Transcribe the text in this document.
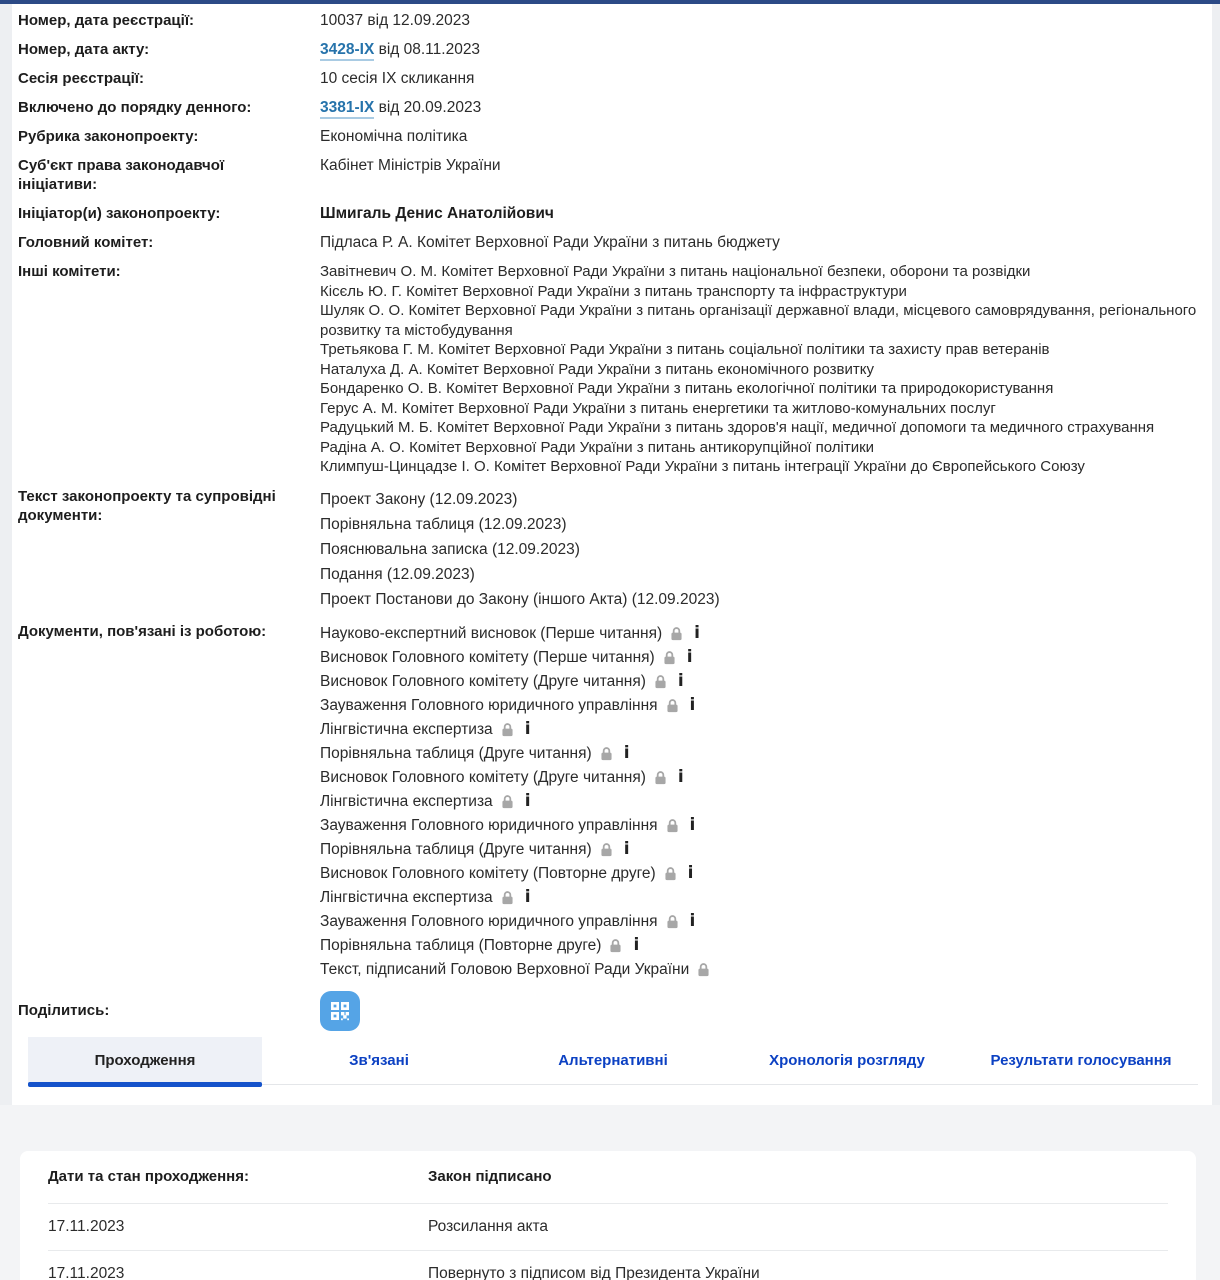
Номер, дата реєстрації:	10037 від 12.09.2023
Номер, дата акту:	3428-IX від 08.11.2023
Сесія реєстрації:	10 сесія IX скликання
Включено до порядку денного:	3381-IX від 20.09.2023
Рубрика законопроекту:	Економічна політика
Суб'єкт права законодавчої ініціативи:
Кабінет Міністрів України
Ініціатор(и) законопроекту:	Шмигаль Денис Анатолійович
Головний комітет:	Підласа Р. А. Комітет Верховної Ради України з питань бюджету
Інші комітети:	Завітневич О. М. Комітет Верховної Ради України з питань національної безпеки, оборони та розвідки
Кісєль Ю. Г. Комітет Верховної Ради України з питань транспорту та інфраструктури
Шуляк О. О. Комітет Верховної Ради України з питань організації державної влади, місцевого самоврядування, регіонального розвитку та містобудування
Третьякова Г. М. Комітет Верховної Ради України з питань соціальної політики та захисту прав ветеранів
Наталуха Д. А. Комітет Верховної Ради України з питань економічного розвитку
Бондаренко О. В. Комітет Верховної Ради України з питань екологічної політики та природокористування
Герус А. М. Комітет Верховної Ради України з питань енергетики та житлово-комунальних послуг
Радуцький М. Б. Комітет Верховної Ради України з питань здоров'я нації, медичної допомоги та медичного страхування
Радіна А. О. Комітет Верховної Ради України з питань антикорупційної політики
Климпуш-Цинцадзе І. О. Комітет Верховної Ради України з питань інтеграції України до Європейського Союзу
Текст законопроекту та супровідні документи:
Проект Закону (12.09.2023)
Порівняльна таблиця (12.09.2023)
Пояснювальна записка (12.09.2023)
Подання (12.09.2023)
Проект Постанови до Закону (іншого Акта) (12.09.2023)
Документи, пов'язані із роботою:	Науково-експертний висновок (Перше читання)
i
Висновок Головного комітету (Перше читання)
i
Висновок Головного комітету (Друге читання)
i
Зауваження Головного юридичного управління
i
Лінгвістична експертиза
i
Порівняльна таблиця (Друге читання)
i
Висновок Головного комітету (Друге читання)
i
Лінгвістична експертиза
i
Зауваження Головного юридичного управління
i
Порівняльна таблиця (Друге читання)
i
Висновок Головного комітету (Повторне друге)
i
Лінгвістична експертиза
i
Зауваження Головного юридичного управління
i
Порівняльна таблиця (Повторне друге)
i
Текст, підписаний Головою Верховної Ради України
Поділитись:
Проходження	Зв'язані	Альтернативні	Хронологія розгляду	Результати голосування
Дати та стан проходження:	Закон підписано
17.11.2023	Розсилання акта
17.11.2023	Повернуто з підписом від Президента України
